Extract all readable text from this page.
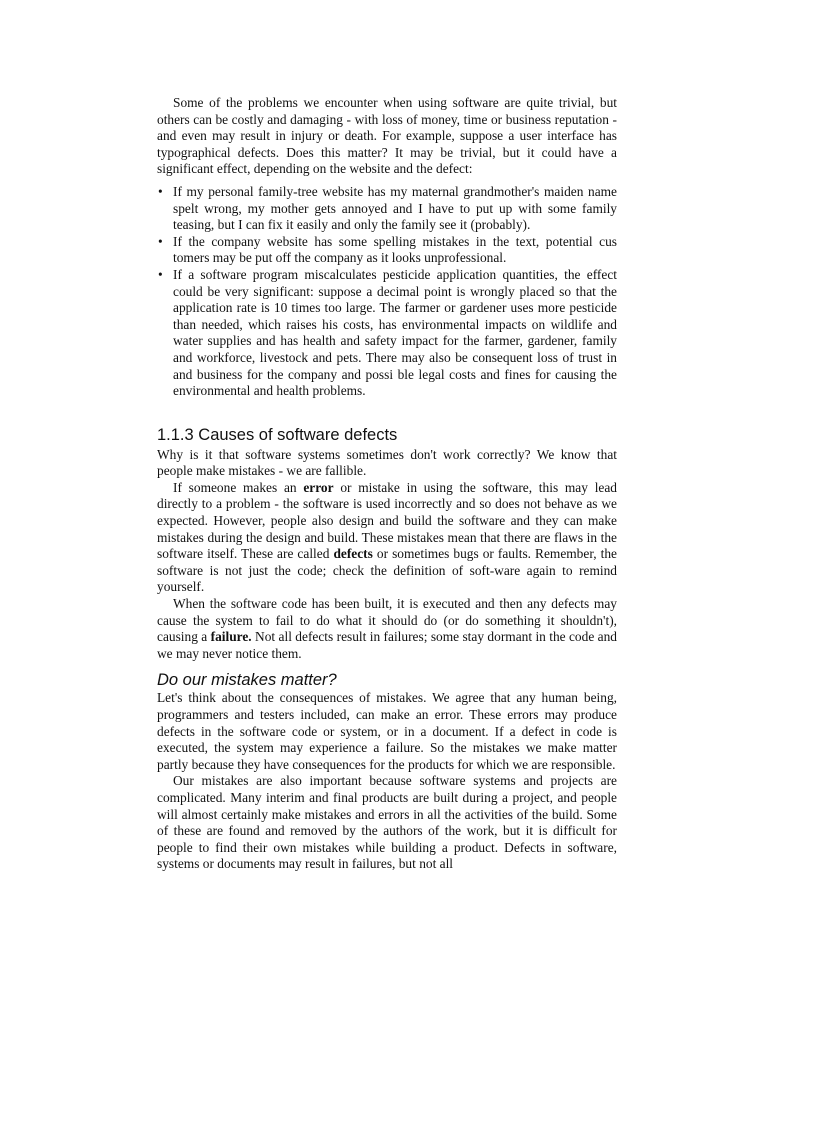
Some of the problems we encounter when using software are quite trivial, but others can be costly and damaging - with loss of money, time or business reputation - and even may result in injury or death. For example, suppose a user interface has typographical defects. Does this matter? It may be trivial, but it could have a significant effect, depending on the website and the defect:

• If my personal family-tree website has my maternal grandmother's maiden name spelt wrong, my mother gets annoyed and I have to put up with some family teasing, but I can fix it easily and only the family see it (probably).
• If the company website has some spelling mistakes in the text, potential cus tomers may be put off the company as it looks unprofessional.
• If a software program miscalculates pesticide application quantities, the effect could be very significant: suppose a decimal point is wrongly placed so that the application rate is 10 times too large. The farmer or gardener uses more pesticide than needed, which raises his costs, has environmental impacts on wildlife and water supplies and has health and safety impact for the farmer, gardener, family and workforce, livestock and pets. There may also be consequent loss of trust in and business for the company and possi ble legal costs and fines for causing the environmental and health problems.
1.1.3 Causes of software defects

Why is it that software systems sometimes don't work correctly? We know that people make mistakes - we are fallible.

If someone makes an error or mistake in using the software, this may lead directly to a problem - the software is used incorrectly and so does not behave as we expected. However, people also design and build the software and they can make mistakes during the design and build. These mistakes mean that there are flaws in the software itself. These are called defects or sometimes bugs or faults. Remember, the software is not just the code; check the definition of soft-ware again to remind yourself.

When the software code has been built, it is executed and then any defects may cause the system to fail to do what it should do (or do something it shouldn't), causing a failure. Not all defects result in failures; some stay dormant in the code and we may never notice them.

Do our mistakes matter?

Let's think about the consequences of mistakes. We agree that any human being, programmers and testers included, can make an error. These errors may produce defects in the software code or system, or in a document. If a defect in code is executed, the system may experience a failure. So the mistakes we make matter partly because they have consequences for the products for which we are responsible.

Our mistakes are also important because software systems and projects are complicated. Many interim and final products are built during a project, and people will almost certainly make mistakes and errors in all the activities of the build. Some of these are found and removed by the authors of the work, but it is difficult for people to find their own mistakes while building a product. Defects in software, systems or documents may result in failures, but not all
